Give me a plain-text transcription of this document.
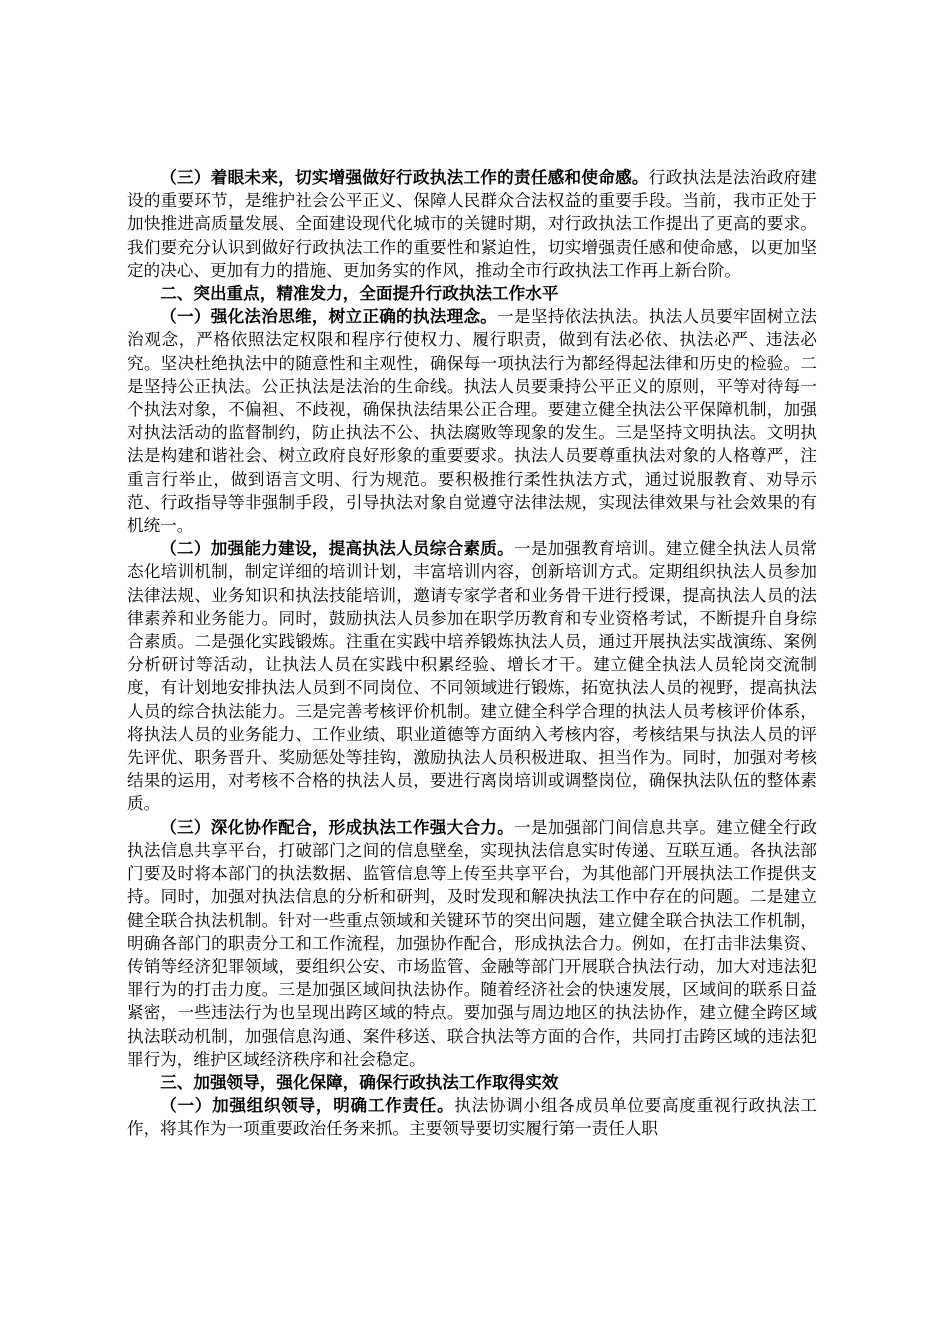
（三）着眼未来，切实增强做好行政执法工作的责任感和使命感。行政执法是法治政府建设的重要环节，是维护社会公平正义、保障人民群众合法权益的重要手段。当前，我市正处于加快推进高质量发展、全面建设现代化城市的关键时期，对行政执法工作提出了更高的要求。我们要充分认识到做好行政执法工作的重要性和紧迫性，切实增强责任感和使命感，以更加坚定的决心、更加有力的措施、更加务实的作风，推动全市行政执法工作再上新台阶。

二、突出重点，精准发力，全面提升行政执法工作水平

（一）强化法治思维，树立正确的执法理念。一是坚持依法执法。执法人员要牢固树立法治观念，严格依照法定权限和程序行使权力、履行职责，做到有法必依、执法必严、违法必究。坚决杜绝执法中的随意性和主观性，确保每一项执法行为都经得起法律和历史的检验。二是坚持公正执法。公正执法是法治的生命线。执法人员要秉持公平正义的原则，平等对待每一个执法对象，不偏袒、不歧视，确保执法结果公正合理。要建立健全执法公平保障机制，加强对执法活动的监督制约，防止执法不公、执法腐败等现象的发生。三是坚持文明执法。文明执法是构建和谐社会、树立政府良好形象的重要要求。执法人员要尊重执法对象的人格尊严，注重言行举止，做到语言文明、行为规范。要积极推行柔性执法方式，通过说服教育、劝导示范、行政指导等非强制手段，引导执法对象自觉遵守法律法规，实现法律效果与社会效果的有机统一。

（二）加强能力建设，提高执法人员综合素质。一是加强教育培训。建立健全执法人员常态化培训机制，制定详细的培训计划，丰富培训内容，创新培训方式。定期组织执法人员参加法律法规、业务知识和执法技能培训，邀请专家学者和业务骨干进行授课，提高执法人员的法律素养和业务能力。同时，鼓励执法人员参加在职学历教育和专业资格考试，不断提升自身综合素质。二是强化实践锻炼。注重在实践中培养锻炼执法人员，通过开展执法实战演练、案例分析研讨等活动，让执法人员在实践中积累经验、增长才干。建立健全执法人员轮岗交流制度，有计划地安排执法人员到不同岗位、不同领域进行锻炼，拓宽执法人员的视野，提高执法人员的综合执法能力。三是完善考核评价机制。建立健全科学合理的执法人员考核评价体系，将执法人员的业务能力、工作业绩、职业道德等方面纳入考核内容，考核结果与执法人员的评先评优、职务晋升、奖励惩处等挂钩，激励执法人员积极进取、担当作为。同时，加强对考核结果的运用，对考核不合格的执法人员，要进行离岗培训或调整岗位，确保执法队伍的整体素质。

（三）深化协作配合，形成执法工作强大合力。一是加强部门间信息共享。建立健全行政执法信息共享平台，打破部门之间的信息壁垒，实现执法信息实时传递、互联互通。各执法部门要及时将本部门的执法数据、监管信息等上传至共享平台，为其他部门开展执法工作提供支持。同时，加强对执法信息的分析和研判，及时发现和解决执法工作中存在的问题。二是建立健全联合执法机制。针对一些重点领域和关键环节的突出问题，建立健全联合执法工作机制，明确各部门的职责分工和工作流程，加强协作配合，形成执法合力。例如，在打击非法集资、传销等经济犯罪领域，要组织公安、市场监管、金融等部门开展联合执法行动，加大对违法犯罪行为的打击力度。三是加强区域间执法协作。随着经济社会的快速发展，区域间的联系日益紧密，一些违法行为也呈现出跨区域的特点。要加强与周边地区的执法协作，建立健全跨区域执法联动机制，加强信息沟通、案件移送、联合执法等方面的合作，共同打击跨区域的违法犯罪行为，维护区域经济秩序和社会稳定。

三、加强领导，强化保障，确保行政执法工作取得实效

（一）加强组织领导，明确工作责任。执法协调小组各成员单位要高度重视行政执法工作，将其作为一项重要政治任务来抓。主要领导要切实履行第一责任人职
